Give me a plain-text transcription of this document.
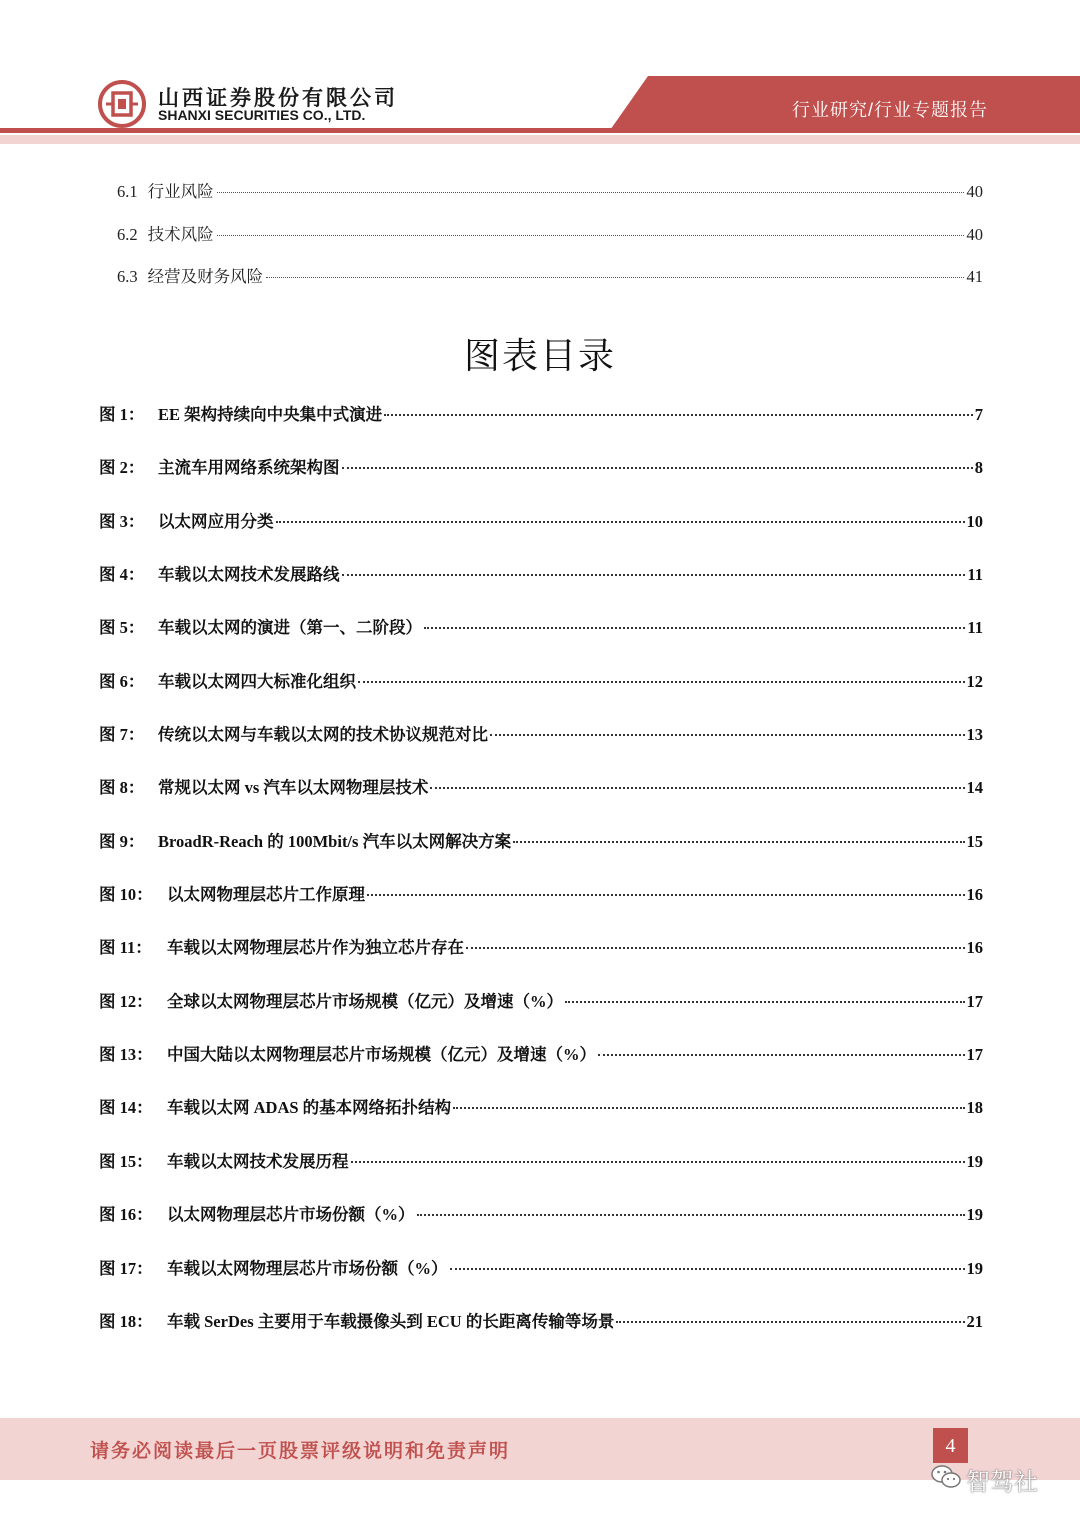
山西证券股份有限公司
SHANXI SECURITIES CO., LTD.	行业研究/行业专题报告
6.1 行业风险	40
6.2 技术风险	40
6.3 经营及财务风险	41
图表目录
图 1： EE 架构持续向中央集中式演进	7
图 2： 主流车用网络系统架构图	8
图 3： 以太网应用分类	10
图 4： 车载以太网技术发展路线	11
图 5： 车载以太网的演进（第一、二阶段）	11
图 6： 车载以太网四大标准化组织	12
图 7： 传统以太网与车载以太网的技术协议规范对比	13
图 8： 常规以太网 vs 汽车以太网物理层技术	14
图 9： BroadR-Reach 的 100Mbit/s 汽车以太网解决方案	15
图 10： 以太网物理层芯片工作原理	16
图 11： 车载以太网物理层芯片作为独立芯片存在	16
图 12： 全球以太网物理层芯片市场规模（亿元）及增速（%）	17
图 13： 中国大陆以太网物理层芯片市场规模（亿元）及增速（%）	17
图 14： 车载以太网 ADAS 的基本网络拓扑结构	18
图 15： 车载以太网技术发展历程	19
图 16： 以太网物理层芯片市场份额（%）	19
图 17： 车载以太网物理层芯片市场份额（%）	19
图 18： 车载 SerDes 主要用于车载摄像头到 ECU 的长距离传输等场景	21
请务必阅读最后一页股票评级说明和免责声明	4
智驾社
